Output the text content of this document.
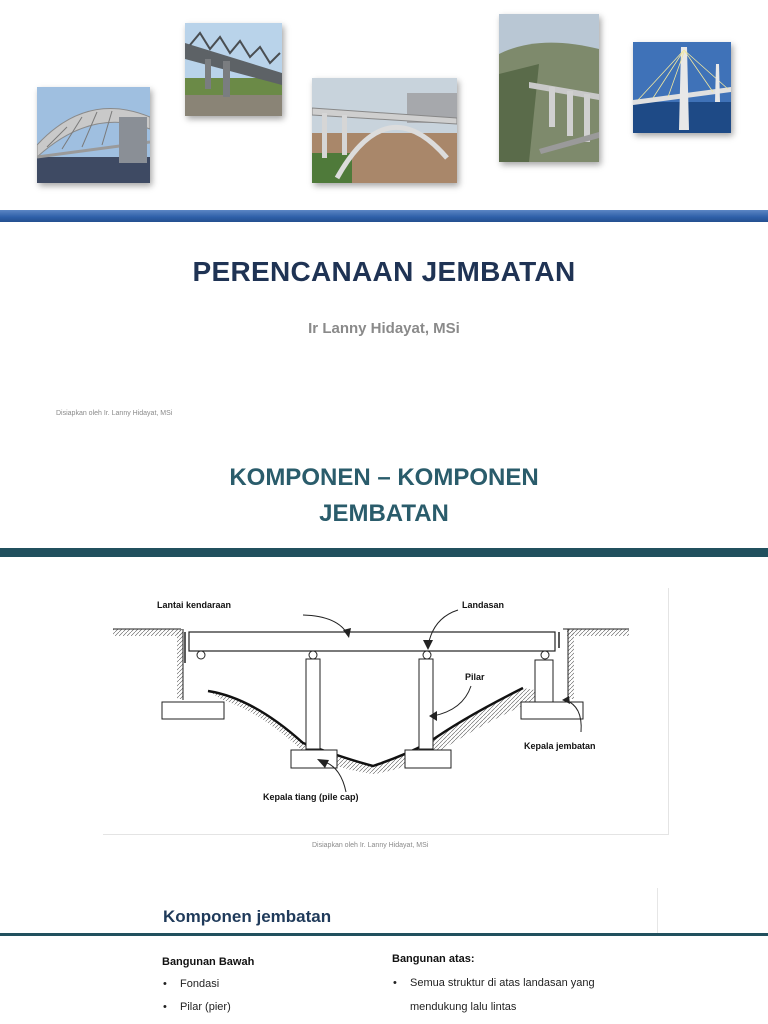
PERENCANAAN JEMBATAN
Ir Lanny Hidayat, MSi
Disiapkan oleh Ir. Lanny Hidayat, MSi
KOMPONEN – KOMPONEN
JEMBATAN
Lantai kendaraan	Landasan
Pilar
Kepala jembatan
Kepala tiang (pile cap)
Disiapkan oleh Ir. Lanny Hidayat, MSi
Komponen jembatan
Bangunan Bawah
• Fondasi
• Pilar (pier)
Bangunan atas:
• Semua struktur di atas landasan yang
mendukung lalu lintas
